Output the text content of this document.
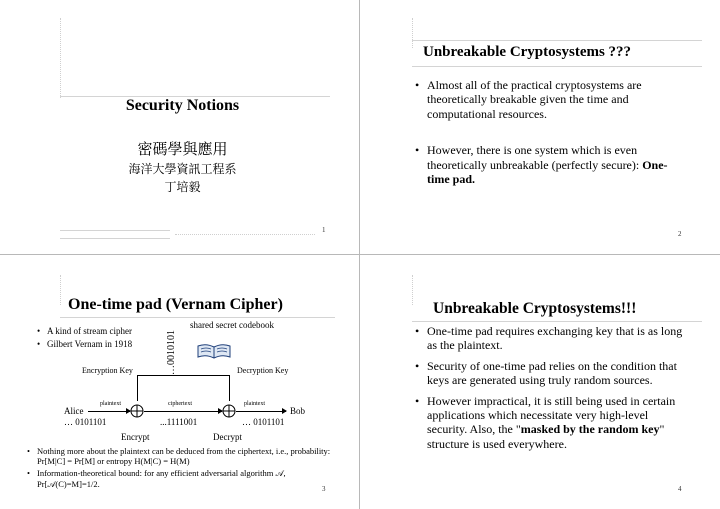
Security Notions
密碼學與應用
海洋大學資訊工程系
丁培毅
1
Unbreakable Cryptosystems ???
• Almost all of the practical cryptosystems are theoretically breakable given the time and computational resources.
• However, there is one system which is even theoretically unbreakable (perfectly secure): One-time pad.
2
One-time pad (Vernam Cipher)
• A kind of stream cipher
• Gilbert Vernam in 1918	…0010101
shared secret codebook
Encryption Key	Decryption Key
plaintext	ciphertext	plaintext
Alice	Bob
… 0101101	...1111001	… 0101101
Encrypt	Decrypt
• Nothing more about the plaintext can be deduced from the ciphertext, i.e., probability: Pr[M|C] = Pr[M] or entropy H(M|C) = H(M)
• Information-theoretical bound: for any efficient adversarial algorithm 𝒜, Pr[𝒜(C)=M]=1/2.
3
Unbreakable Cryptosystems!!!
• One-time pad requires exchanging key that is as long as the plaintext.
• Security of one-time pad relies on the condition that keys are generated using truly random sources.
• However impractical, it is still being used in certain applications which necessitate very high-level security. Also, the "masked by the random key" structure is used everywhere.
4
